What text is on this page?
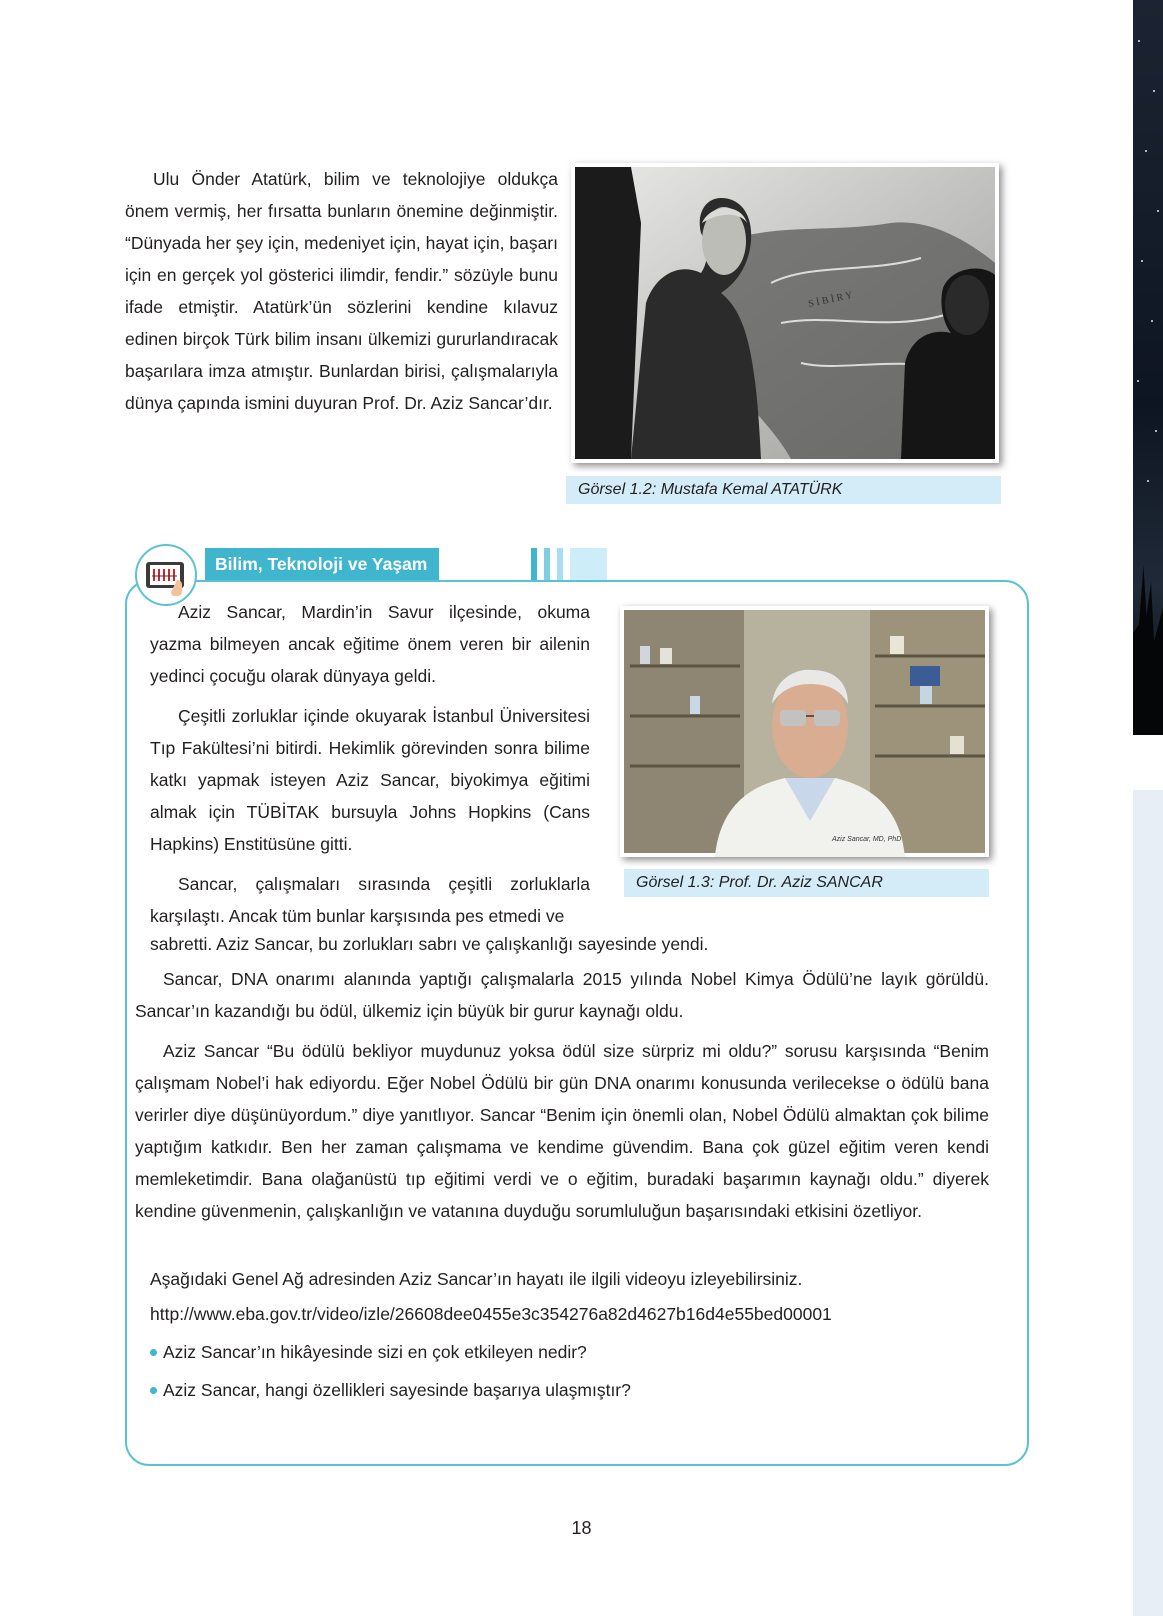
Ulu Önder Atatürk, bilim ve teknolojiye oldukça önem vermiş, her fırsatta bunların önemine değinmiştir. “Dünyada her şey için, medeniyet için, hayat için, başarı için en gerçek yol gösterici ilimdir, fendir.” sözüyle bunu ifade etmiştir. Atatürk’ün sözlerini kendine kılavuz edinen birçok Türk bilim insanı ülkemizi gururlandıracak başarılara imza atmıştır. Bunlardan birisi, çalışmalarıyla dünya çapında ismini duyuran Prof. Dr. Aziz Sancar’dır.

S İ B İ R Y
Görsel 1.2: Mustafa Kemal ATATÜRK
Bilim, Teknoloji ve Yaşam

Aziz Sancar, Mardin’in Savur ilçesinde, okuma yazma bilmeyen ancak eğitime önem veren bir ailenin yedinci çocuğu olarak dünyaya geldi.

Çeşitli zorluklar içinde okuyarak İstanbul Üniversitesi Tıp Fakültesi’ni bitirdi. Hekimlik görevinden sonra bilime katkı yapmak isteyen Aziz Sancar, biyokimya eğitimi almak için TÜBİTAK bursuyla Johns Hopkins (Cans Hapkins) Enstitüsüne gitti.

Sancar, çalışmaları sırasında çeşitli zorluklarla karşılaştı. Ancak tüm bunlar karşısında pes etmedi ve

sabretti. Aziz Sancar, bu zorlukları sabrı ve çalışkanlığı sayesinde yendi.
Aziz Sancar, MD, PhD
Görsel 1.3: Prof. Dr. Aziz SANCAR

Sancar, DNA onarımı alanında yaptığı çalışmalarla 2015 yılında Nobel Kimya Ödülü’ne layık görüldü. Sancar’ın kazandığı bu ödül, ülkemiz için büyük bir gurur kaynağı oldu.

Aziz Sancar “Bu ödülü bekliyor muydunuz yoksa ödül size sürpriz mi oldu?” sorusu karşısında “Benim çalışmam Nobel’i hak ediyordu. Eğer Nobel Ödülü bir gün DNA onarımı konusunda verilecekse o ödülü bana verirler diye düşünüyordum.” diye yanıtlıyor. Sancar “Benim için önemli olan, Nobel Ödülü almaktan çok bilime yaptığım katkıdır. Ben her zaman çalışmama ve kendime güvendim. Bana çok güzel eğitim veren kendi memleketimdir. Bana olağanüstü tıp eğitimi verdi ve o eğitim, buradaki başarımın kaynağı oldu.” diyerek kendine güvenmenin, çalışkanlığın ve vatanına duyduğu sorumluluğun başarısındaki etkisini özetliyor.

Aşağıdaki Genel Ağ adresinden Aziz Sancar’ın hayatı ile ilgili videoyu izleyebilirsiniz.
http://www.eba.gov.tr/video/izle/26608dee0455e3c354276a82d4627b16d4e55bed00001
Aziz Sancar’ın hikâyesinde sizi en çok etkileyen nedir?
Aziz Sancar, hangi özellikleri sayesinde başarıya ulaşmıştır?
18
